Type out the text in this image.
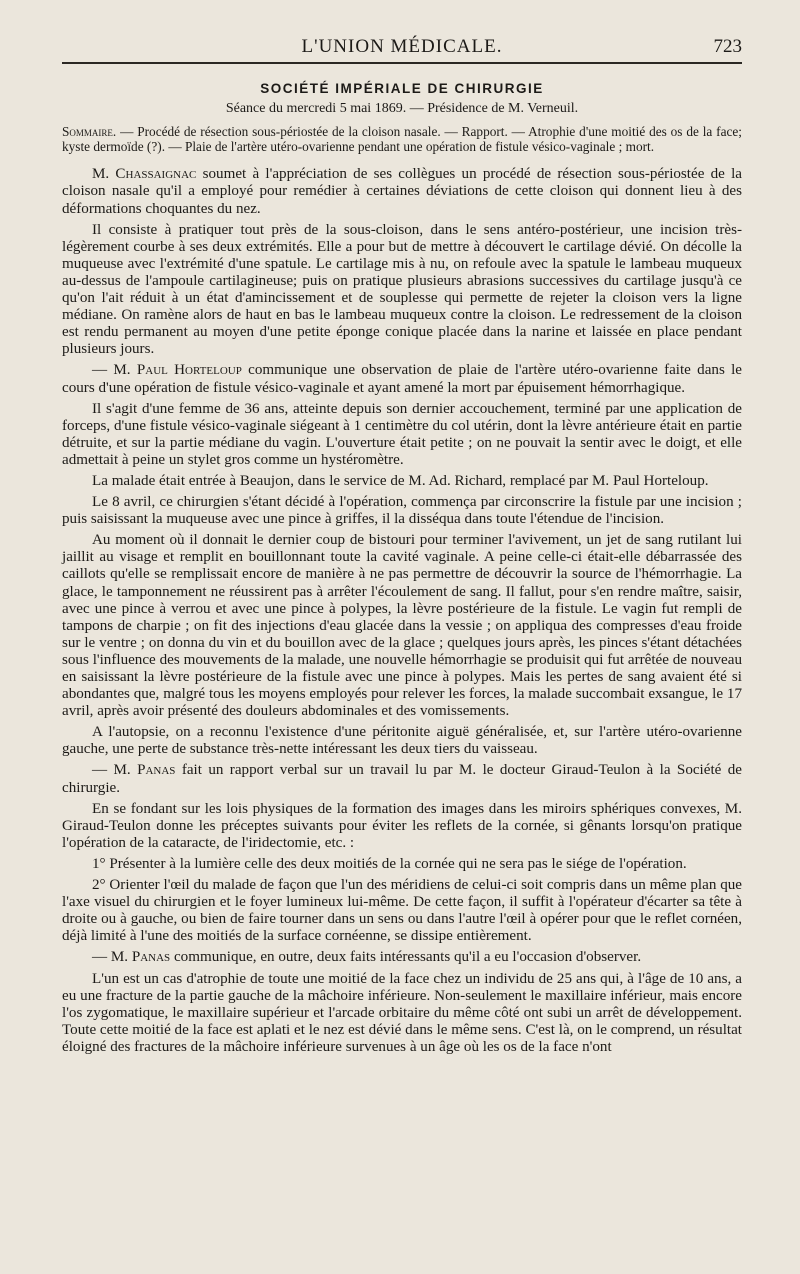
L'UNION MÉDICALE.	723
SOCIÉTÉ IMPÉRIALE DE CHIRURGIE
Séance du mercredi 5 mai 1869. — Présidence de M. Verneuil.
Sommaire. — Procédé de résection sous-périostée de la cloison nasale. — Rapport. — Atrophie d'une moitié des os de la face; kyste dermoïde (?). — Plaie de l'artère utéro-ovarienne pendant une opération de fistule vésico-vaginale ; mort.

M. Chassaignac soumet à l'appréciation de ses collègues un procédé de résection sous-périostée de la cloison nasale qu'il a employé pour remédier à certaines déviations de cette cloison qui donnent lieu à des déformations choquantes du nez.

Il consiste à pratiquer tout près de la sous-cloison, dans le sens antéro-postérieur, une incision très-légèrement courbe à ses deux extrémités. Elle a pour but de mettre à découvert le cartilage dévié. On décolle la muqueuse avec l'extrémité d'une spatule. Le cartilage mis à nu, on refoule avec la spatule le lambeau muqueux au-dessus de l'ampoule cartilagineuse; puis on pratique plusieurs abrasions successives du cartilage jusqu'à ce qu'on l'ait réduit à un état d'amincissement et de souplesse qui permette de rejeter la cloison vers la ligne médiane. On ramène alors de haut en bas le lambeau muqueux contre la cloison. Le redressement de la cloison est rendu permanent au moyen d'une petite éponge conique placée dans la narine et laissée en place pendant plusieurs jours.

— M. Paul Horteloup communique une observation de plaie de l'artère utéro-ovarienne faite dans le cours d'une opération de fistule vésico-vaginale et ayant amené la mort par épuisement hémorrhagique.

Il s'agit d'une femme de 36 ans, atteinte depuis son dernier accouchement, terminé par une application de forceps, d'une fistule vésico-vaginale siégeant à 1 centimètre du col utérin, dont la lèvre antérieure était en partie détruite, et sur la partie médiane du vagin. L'ouverture était petite ; on ne pouvait la sentir avec le doigt, et elle admettait à peine un stylet gros comme un hystéromètre.

La malade était entrée à Beaujon, dans le service de M. Ad. Richard, remplacé par M. Paul Horteloup.

Le 8 avril, ce chirurgien s'étant décidé à l'opération, commença par circonscrire la fistule par une incision ; puis saisissant la muqueuse avec une pince à griffes, il la disséqua dans toute l'étendue de l'incision.

Au moment où il donnait le dernier coup de bistouri pour terminer l'avivement, un jet de sang rutilant lui jaillit au visage et remplit en bouillonnant toute la cavité vaginale. A peine celle-ci était-elle débarrassée des caillots qu'elle se remplissait encore de manière à ne pas permettre de découvrir la source de l'hémorrhagie. La glace, le tamponnement ne réussirent pas à arrêter l'écoulement de sang. Il fallut, pour s'en rendre maître, saisir, avec une pince à verrou et avec une pince à polypes, la lèvre postérieure de la fistule. Le vagin fut rempli de tampons de charpie ; on fit des injections d'eau glacée dans la vessie ; on appliqua des compresses d'eau froide sur le ventre ; on donna du vin et du bouillon avec de la glace ; quelques jours après, les pinces s'étant détachées sous l'influence des mouvements de la malade, une nouvelle hémorrhagie se produisit qui fut arrêtée de nouveau en saisissant la lèvre postérieure de la fistule avec une pince à polypes. Mais les pertes de sang avaient été si abondantes que, malgré tous les moyens employés pour relever les forces, la malade succombait exsangue, le 17 avril, après avoir présenté des douleurs abdominales et des vomissements.

A l'autopsie, on a reconnu l'existence d'une péritonite aiguë généralisée, et, sur l'artère utéro-ovarienne gauche, une perte de substance très-nette intéressant les deux tiers du vaisseau.

— M. Panas fait un rapport verbal sur un travail lu par M. le docteur Giraud-Teulon à la Société de chirurgie.

En se fondant sur les lois physiques de la formation des images dans les miroirs sphériques convexes, M. Giraud-Teulon donne les préceptes suivants pour éviter les reflets de la cornée, si gênants lorsqu'on pratique l'opération de la cataracte, de l'iridectomie, etc. :

1° Présenter à la lumière celle des deux moitiés de la cornée qui ne sera pas le siége de l'opération.

2° Orienter l'œil du malade de façon que l'un des méridiens de celui-ci soit compris dans un même plan que l'axe visuel du chirurgien et le foyer lumineux lui-même. De cette façon, il suffit à l'opérateur d'écarter sa tête à droite ou à gauche, ou bien de faire tourner dans un sens ou dans l'autre l'œil à opérer pour que le reflet cornéen, déjà limité à l'une des moitiés de la surface cornéenne, se dissipe entièrement.

— M. Panas communique, en outre, deux faits intéressants qu'il a eu l'occasion d'observer.

L'un est un cas d'atrophie de toute une moitié de la face chez un individu de 25 ans qui, à l'âge de 10 ans, a eu une fracture de la partie gauche de la mâchoire inférieure. Non-seulement le maxillaire inférieur, mais encore l'os zygomatique, le maxillaire supérieur et l'arcade orbitaire du même côté ont subi un arrêt de développement. Toute cette moitié de la face est aplati et le nez est dévié dans le même sens. C'est là, on le comprend, un résultat éloigné des fractures de la mâchoire inférieure survenues à un âge où les os de la face n'ont
